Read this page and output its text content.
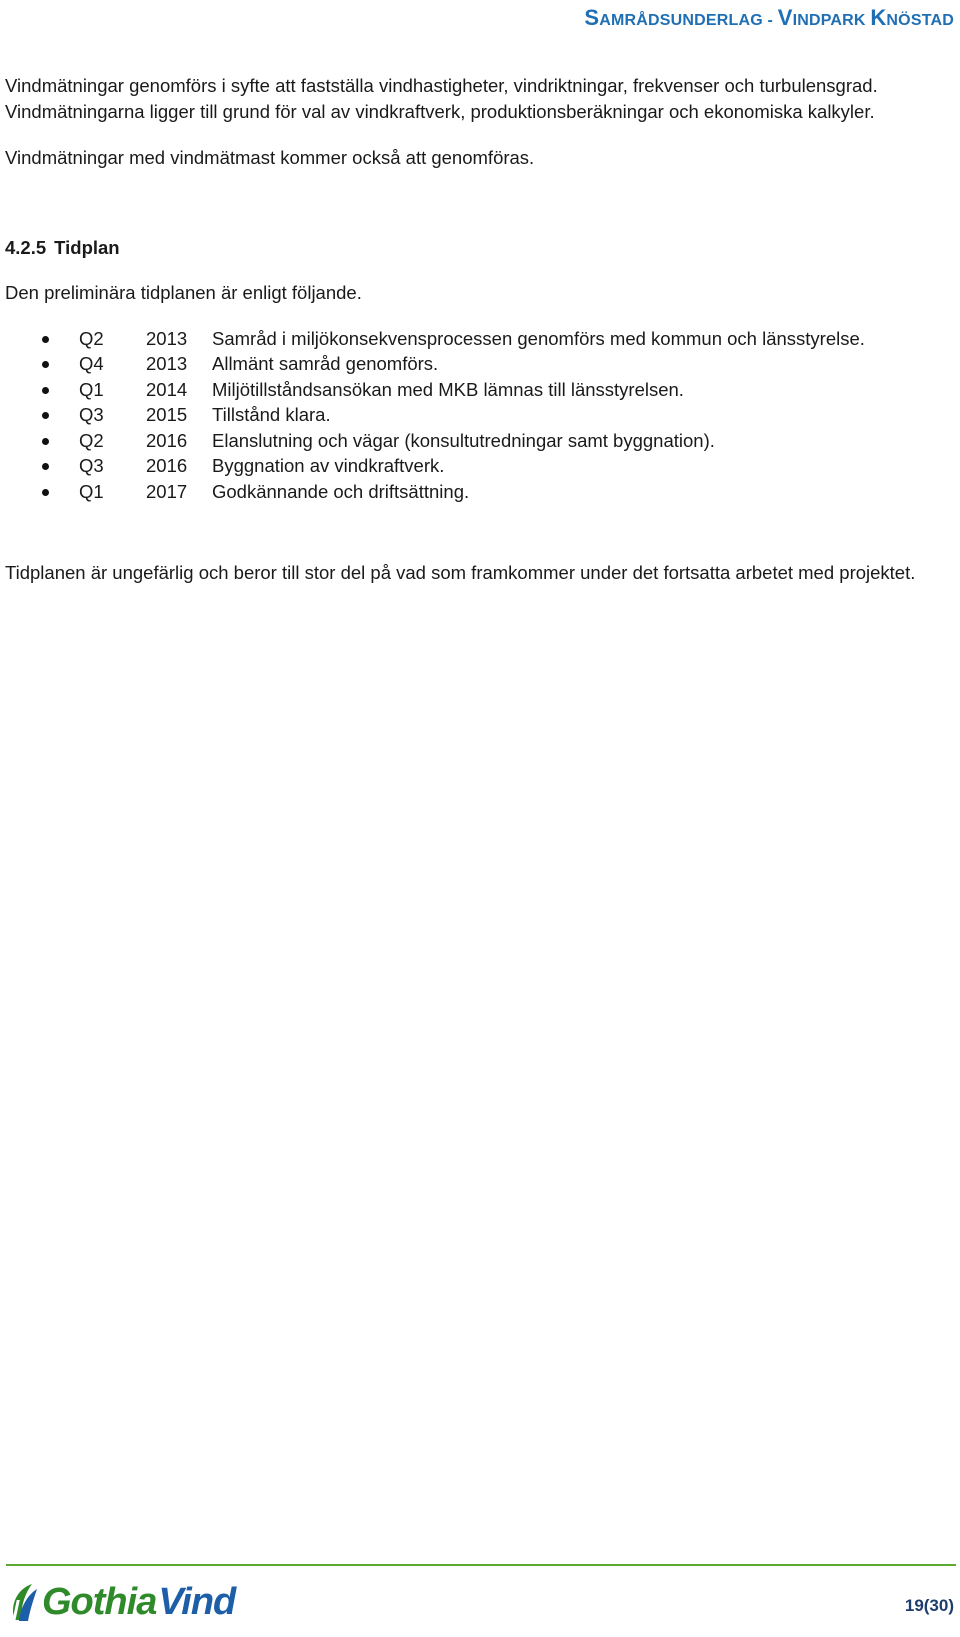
SAMRÅDSUNDERLAG - VINDPARK KNÖSTAD

Vindmätningar genomförs i syfte att fastställa vindhastigheter, vindriktningar, frekvenser och turbulensgrad. Vindmätningarna ligger till grund för val av vindkraftverk, produktionsberäkningar och ekonomiska kalkyler.

Vindmätningar med vindmätmast kommer också att genomföras.

4.2.5 Tidplan

Den preliminära tidplanen är enligt följande.

Q2 2013 Samråd i miljökonsekvensprocessen genomförs med kommun och länsstyrelse.
Q4 2013 Allmänt samråd genomförs.
Q1 2014 Miljötillståndsansökan med MKB lämnas till länsstyrelsen.
Q3 2015 Tillstånd klara.
Q2 2016 Elanslutning och vägar (konsultutredningar samt byggnation).
Q3 2016 Byggnation av vindkraftverk.
Q1 2017 Godkännande och driftsättning.

Tidplanen är ungefärlig och beror till stor del på vad som framkommer under det fortsatta arbetet med projektet.

Gothia Vind	19(30)
